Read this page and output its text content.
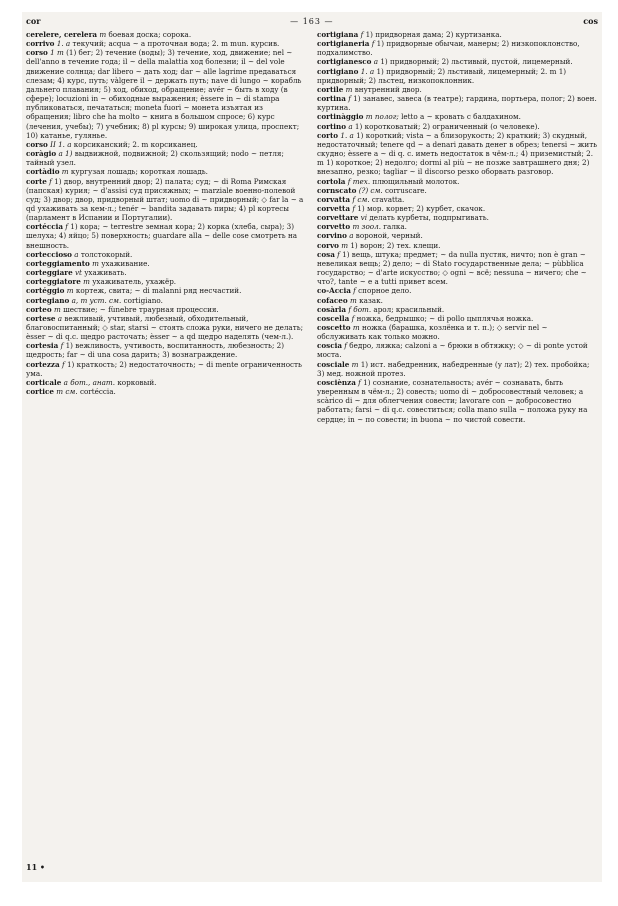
cor	— 163 —	cos

cerelere, cerelera m боевая доска; сорока.

corrivo 1. a текучий; acqua ~ a проточная вода; 2. m mun. курсив.

corso 1 m (1) бег; 2) течение (воды); 3) течение, ход, движение; nel ~ dell'anno в течение года; il ~ della malattia ход болезни; il ~ del vole движение солнца; dar libero ~ дать ход; dar ~ alle lagrime предаваться слезам; 4) курс, путь; vàlgere il ~ держать путь; nave di lungo ~ корабль дальнего плавания; 5) ход, обиход, обращение; avér ~ быть в ходу (в сфере); locuzioni in ~ обиходные выражения; èssere in ~ di stampa публиковаться, печататься; moneta fuori ~ монета изъятая из обращения; libro che ha molto ~ книга в большом спросе; 6) курс (лечения, учебы); 7) учебник; 8) pl курсы; 9) широкая улица, проспект; 10) катанье, гулянье.

corso II 1. a корсиканский; 2. m корсиканец.

coràgio a 1) выдвижной, подвижной; 2) скользящий; nodo ~ петля; тайный узел.

cortàdio m кургузая лошадь; короткая лошадь.

corte f 1) двор, внутренний двор; 2) палата; суд; ~ di Roma Римская (папская) курия; ~ d'assisi суд присяжных; ~ marziale военно-полевой суд; 3) двор; двор, придворный штат; uomo di ~ придворный; ◇ far la ~ a qd ухаживать за кем-л.; tenér ~ bandita задавать пиры; 4) pl кортесы (парламент в Испании и Португалии).

cortéccia f 1) кора; ~ terrestre земная кора; 2) корка (хлеба, сыра); 3) шелуха; 4) яйцо; 5) поверхность; guardare alla ~ delle cose смотреть на внешность.

corteccioso a толстокорый.

corteggiamento m ухаживание.

corteggiare vt ухаживать.

corteggiatore m ухаживатель, ухажёр.

cortéggio m кортеж, свита; ~ di malanni ряд несчастий.

cortegiano a, m ycm. см. cortigiano.

corteo m шествие; ~ fùnebre траурная процессия.

cortese a вежливый, учтивый, любезный, обходительный, благовоспитанный; ◇ star, starsi ~ стоять сложа руки, ничего не делать; èsser ~ di q.c. щедро расточать; èsser ~ a qd щедро наделять (чем-л.).

cortesia f 1) вежливость, учтивость, воспитанность, любезность; 2) щедрость; far ~ di una cosa дарить; 3) вознаграждение.

cortezza f 1) краткость; 2) недостаточность; ~ di mente ограниченность ума.

corticale a бот., анат. корковый.

cortice m см. cortéccia.

cortigiana f 1) придворная дама; 2) куртизанка.

cortigianeria f 1) придворные обычаи, манеры; 2) низкопоклонство, подхалимство.

cortigianesco a 1) придворный; 2) льстивый, пустой, лицемерный.

cortigiano 1. a 1) придворный; 2) льстивый, лицемерный; 2. m 1) придворный; 2) льстец, низкопоклонник.

cortile m внутренний двор.

cortina f 1) занавес, завеса (в театре); гардина, портьера, полог; 2) воен. куртина.

cortinàggio m полог; letto a ~ кровать с балдахином.

cortino a 1) коротковатый; 2) ограниченный (о человеке).

corto 1. a 1) короткий; vista ~ a близорукость; 2) краткий; 3) скудный, недостаточный; tenere qd ~ a denari давать денег в обрез; tenersi ~ жить скудно; èssere a ~ di q. c. иметь недостаток в чём-л.; 4) приземистый; 2. m 1) короткое; 2) недолго; dormi al più ~ не позже завтрашнего дня; 2) внезапно, резко; tagliar ~ il discorso резко оборвать разговор.

cortola f тех. плющильный молоток.

cornscato (?) см. corruscare.

corvatta f см. cravatta.

corvetta f 1) мор. корвет; 2) курбет, скачок.

corvettare vi делать курбеты, подпрыгивать.

corvetto m зоол. галка.

corvino a вороной, черный.

corvo m 1) ворон; 2) тех. клещи.

cosa f 1) вещь, штука; предмет; ~ da nulla пустяк, ничто; non è gran ~ невеликая вещь; 2) дело; ~ di Stato государственные дела; ~ pùbblica государство; ~ d'arte искусство; ◇ ogni ~ всё; nessuna ~ ничего; che ~ что?, tante ~ e a tutti привет всем.

co-Accia f спорное дело.

cofaceo m казак.

cosàrla f бот. арол; красильный.

coscella f ножка, бедрышко; ~ di pollo цыплячья ножка.

coscetto m ножка (барашка, козлёнка и т. п.); ◇ servir nel ~ обслуживать как только можно.

coscia f бедро, ляжка; calzoni a ~ брюки в обтяжку; ◇ ~ di ponte устой моста.

cosciale m 1) ист. набедренник, набедренные (у лат); 2) тех. пробойка; 3) мед. ножной протез.

cosciènza f 1) сознание, сознательность; avér ~ сознавать, быть уверенным в чём-л.; 2) совесть; uomo di ~ добросовестный человек; a scàrico di ~ для облегчения совести; lavorare con ~ добросовестно работать; farsi ~ di q.c. совеститься; colla mano sulla ~ положа руку на сердце; in ~ по совести; in buona ~ по чистой совести.

11 •
